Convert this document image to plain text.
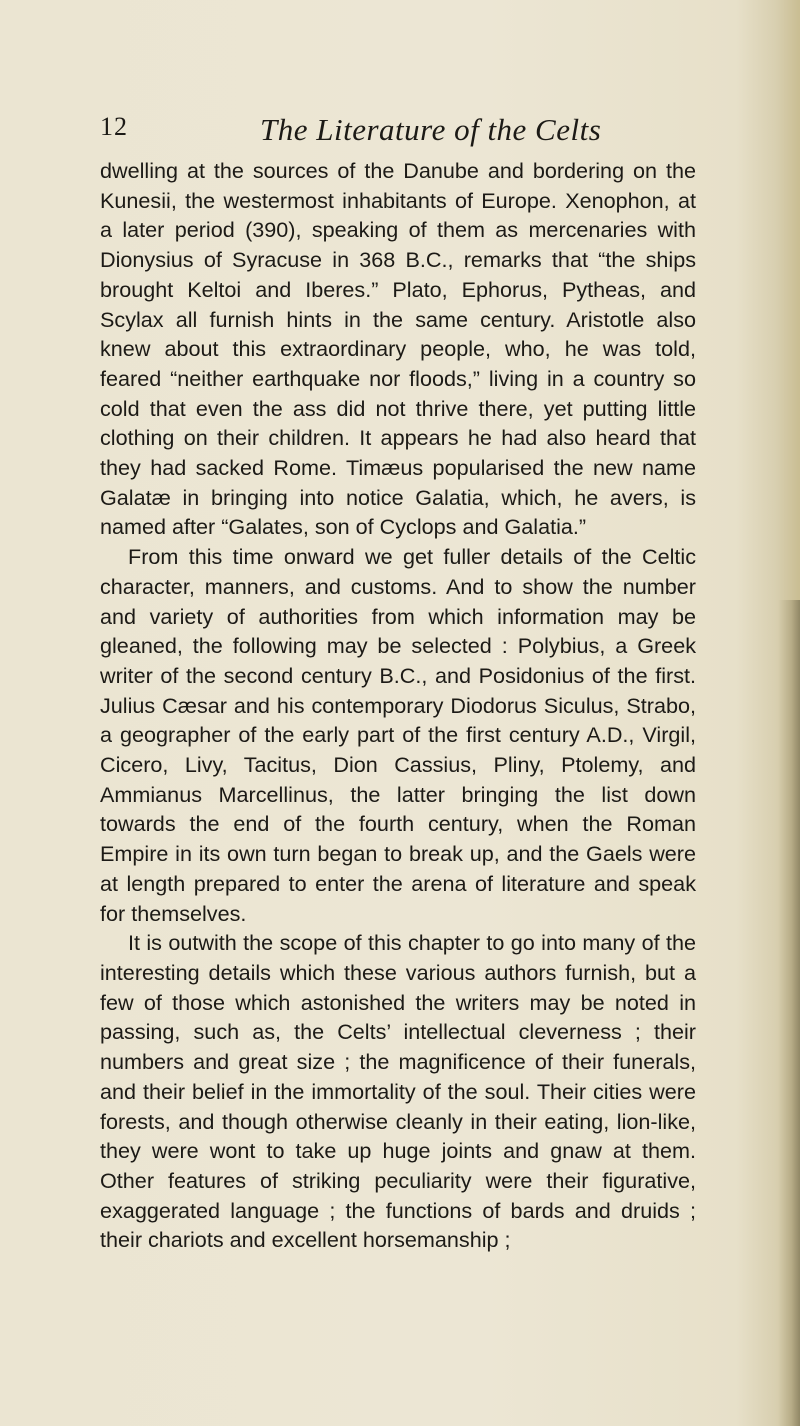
12	The Literature of the Celts

dwelling at the sources of the Danube and bordering on the Kunesii, the westermost inhabitants of Europe. Xenophon, at a later period (390), speaking of them as mercenaries with Dionysius of Syracuse in 368 B.C., remarks that “the ships brought Keltoi and Iberes.” Plato, Ephorus, Pytheas, and Scylax all furnish hints in the same century. Aristotle also knew about this extraordinary people, who, he was told, feared “neither earthquake nor floods,” living in a country so cold that even the ass did not thrive there, yet putting little clothing on their children. It appears he had also heard that they had sacked Rome. Timæus popularised the new name Galatæ in bringing into notice Galatia, which, he avers, is named after “Galates, son of Cyclops and Galatia.”

From this time onward we get fuller details of the Celtic character, manners, and customs. And to show the number and variety of authorities from which information may be gleaned, the following may be selected : Polybius, a Greek writer of the second century B.C., and Posidonius of the first. Julius Cæsar and his contemporary Diodorus Siculus, Strabo, a geographer of the early part of the first century A.D., Virgil, Cicero, Livy, Tacitus, Dion Cassius, Pliny, Ptolemy, and Ammianus Marcellinus, the latter bringing the list down towards the end of the fourth century, when the Roman Empire in its own turn began to break up, and the Gaels were at length prepared to enter the arena of literature and speak for themselves.

It is outwith the scope of this chapter to go into many of the interesting details which these various authors furnish, but a few of those which astonished the writers may be noted in passing, such as, the Celts’ intellectual cleverness ; their numbers and great size ; the magnificence of their funerals, and their belief in the immortality of the soul. Their cities were forests, and though otherwise cleanly in their eating, lion-like, they were wont to take up huge joints and gnaw at them. Other features of striking peculiarity were their figurative, exaggerated language ; the functions of bards and druids ; their chariots and excellent horsemanship ;
